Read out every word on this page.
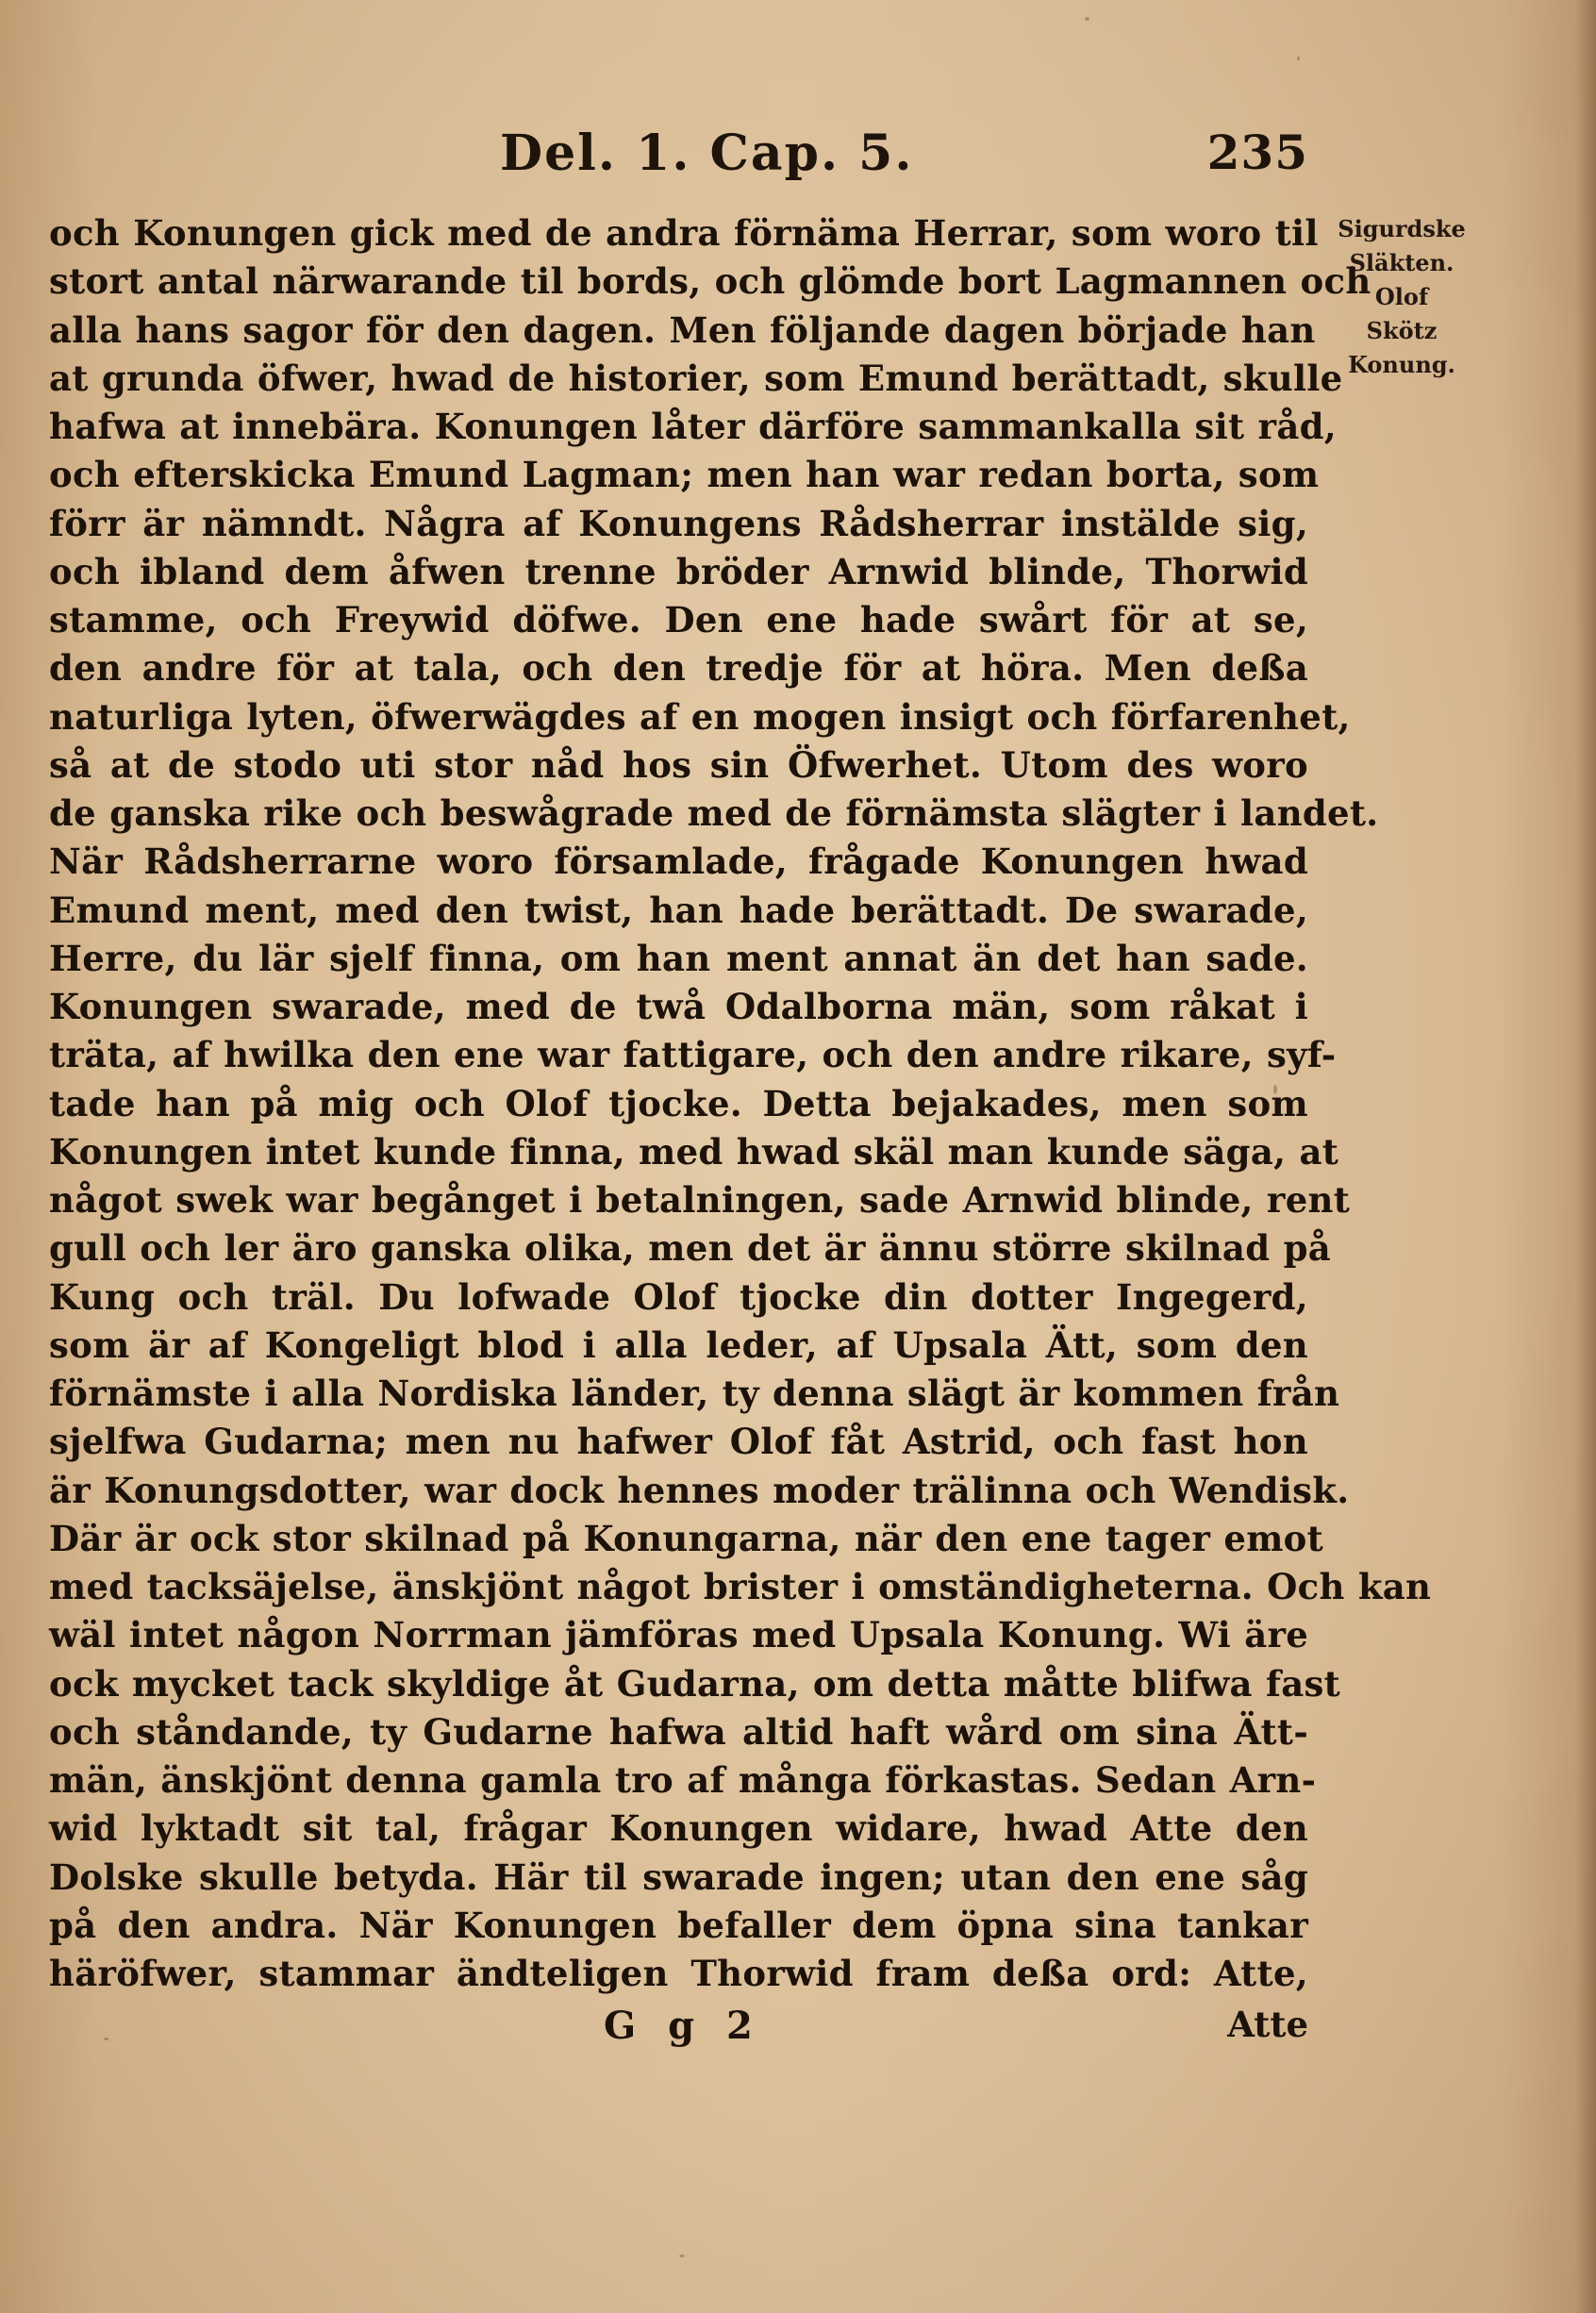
Del. 1. Cap. 5.	235
Sigurdske
Släkten.
Olof
Skötz
Konung.
och Konungen gick med de andra förnäma Herrar, som woro til
stort antal närwarande til bords, och glömde bort Lagmannen och
alla hans sagor för den dagen. Men följande dagen började han
at grunda öfwer, hwad de historier, som Emund berättadt, skulle
hafwa at innebära. Konungen låter därföre sammankalla sit råd,
och efterskicka Emund Lagman; men han war redan borta, som
förr är nämndt. Några af Konungens Rådsherrar instälde sig,
och ibland dem åfwen trenne bröder Arnwid blinde, Thorwid
stamme, och Freywid döfwe. Den ene hade swårt för at se,
den andre för at tala, och den tredje för at höra. Men deßa
naturliga lyten, öfwerwägdes af en mogen insigt och förfarenhet,
så at de stodo uti stor nåd hos sin Öfwerhet. Utom des woro
de ganska rike och beswågrade med de förnämsta slägter i landet.
När Rådsherrarne woro församlade, frågade Konungen hwad
Emund ment, med den twist, han hade berättadt. De swarade,
Herre, du lär sjelf finna, om han ment annat än det han sade.
Konungen swarade, med de twå Odalborna män, som råkat i
träta, af hwilka den ene war fattigare, och den andre rikare, syf-
tade han på mig och Olof tjocke. Detta bejakades, men som
Konungen intet kunde finna, med hwad skäl man kunde säga, at
något swek war begånget i betalningen, sade Arnwid blinde, rent
gull och ler äro ganska olika, men det är ännu större skilnad på
Kung och träl. Du lofwade Olof tjocke din dotter Ingegerd,
som är af Kongeligt blod i alla leder, af Upsala Ätt, som den
förnämste i alla Nordiska länder, ty denna slägt är kommen från
sjelfwa Gudarna; men nu hafwer Olof fåt Astrid, och fast hon
är Konungsdotter, war dock hennes moder trälinna och Wendisk.
Där är ock stor skilnad på Konungarna, när den ene tager emot
med tacksäjelse, änskjönt något brister i omständigheterna. Och kan
wäl intet någon Norrman jämföras med Upsala Konung. Wi äre
ock mycket tack skyldige åt Gudarna, om detta måtte blifwa fast
och ståndande, ty Gudarne hafwa altid haft wård om sina Ätt-
män, änskjönt denna gamla tro af många förkastas. Sedan Arn-
wid lyktadt sit tal, frågar Konungen widare, hwad Atte den
Dolske skulle betyda. Här til swarade ingen; utan den ene såg
på den andra. När Konungen befaller dem öpna sina tankar
häröfwer, stammar ändteligen Thorwid fram deßa ord: Atte,
G g 2	Atte
